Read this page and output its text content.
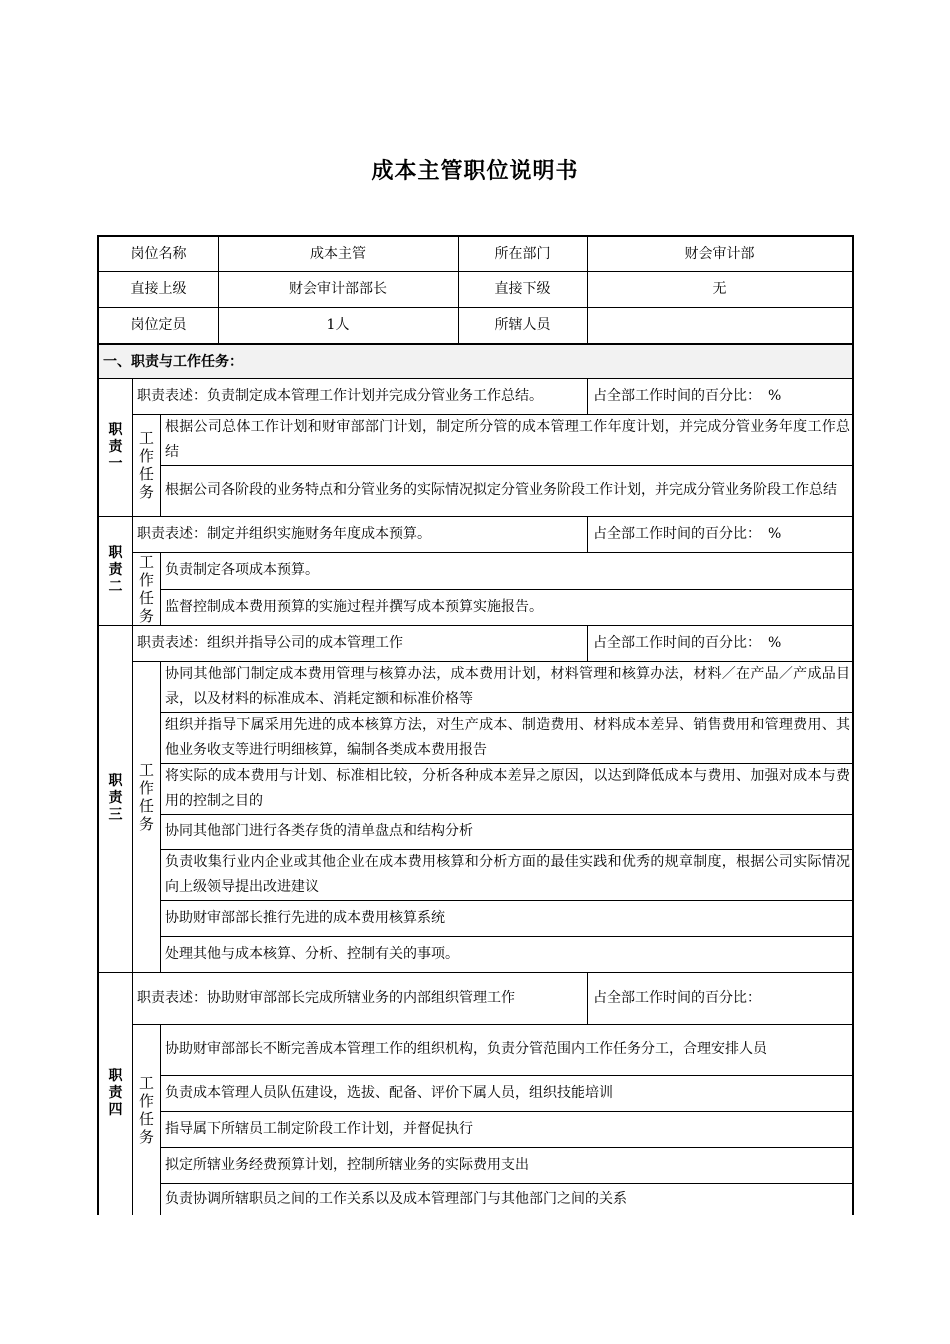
成本主管职位说明书
岗位名称	成本主管	所在部门	财会审计部
直接上级	财会审计部部长	直接下级	无
岗位定员	1人	所辖人员
一、职责与工作任务：
职责一
职责表述：负责制定成本管理工作计划并完成分管业务工作总结。	占全部工作时间的百分比：　%
工作任务
根据公司总体工作计划和财审部部门计划，制定所分管的成本管理工作年度计划，并完成分管业务年度工作总结
根据公司各阶段的业务特点和分管业务的实际情况拟定分管业务阶段工作计划，并完成分管业务阶段工作总结
职责二
职责表述：制定并组织实施财务年度成本预算。	占全部工作时间的百分比：　%
工作任务
负责制定各项成本预算。
监督控制成本费用预算的实施过程并撰写成本预算实施报告。
职责三
职责表述：组织并指导公司的成本管理工作	占全部工作时间的百分比：　%
工作任务
协同其他部门制定成本费用管理与核算办法，成本费用计划，材料管理和核算办法，材料／在产品／产成品目录，以及材料的标准成本、消耗定额和标准价格等
组织并指导下属采用先进的成本核算方法，对生产成本、制造费用、材料成本差异、销售费用和管理费用、其他业务收支等进行明细核算，编制各类成本费用报告
将实际的成本费用与计划、标准相比较，分析各种成本差异之原因，以达到降低成本与费用、加强对成本与费用的控制之目的
协同其他部门进行各类存货的清单盘点和结构分析
负责收集行业内企业或其他企业在成本费用核算和分析方面的最佳实践和优秀的规章制度，根据公司实际情况向上级领导提出改进建议
协助财审部部长推行先进的成本费用核算系统
处理其他与成本核算、分析、控制有关的事项。
职责四
职责表述：协助财审部部长完成所辖业务的内部组织管理工作	占全部工作时间的百分比：
工作任务
协助财审部部长不断完善成本管理工作的组织机构，负责分管范围内工作任务分工，合理安排人员
负责成本管理人员队伍建设，选拔、配备、评价下属人员，组织技能培训
指导属下所辖员工制定阶段工作计划，并督促执行
拟定所辖业务经费预算计划，控制所辖业务的实际费用支出
负责协调所辖职员之间的工作关系以及成本管理部门与其他部门之间的关系
